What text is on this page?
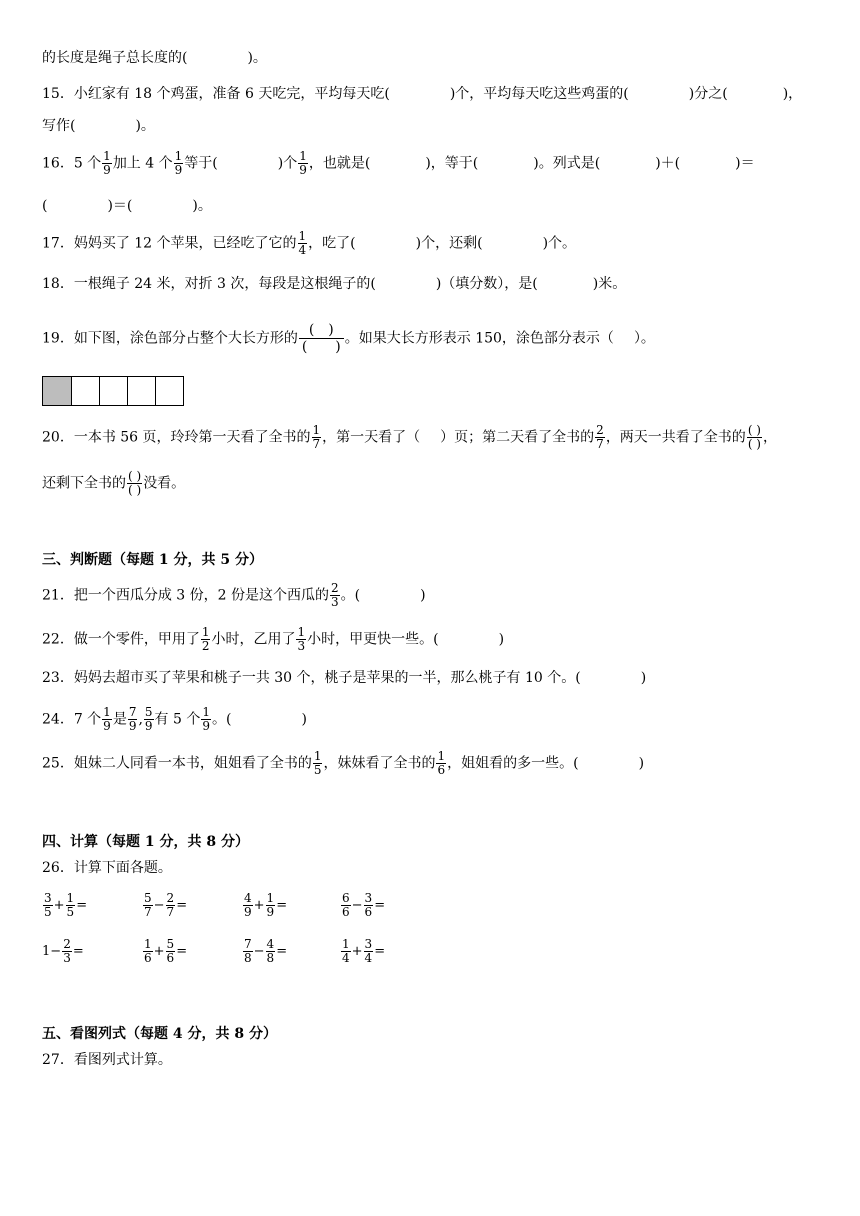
的长度是绳子总长度的(	)。
15．小红家有 18 个鸡蛋，准备 6 天吃完，平均每天吃(	)个，平均每天吃这些鸡蛋的(	)分之(	)，
写作(	)。
16．5 个 $\frac{1}{9}$ 加上 4 个 $\frac{1}{9}$ 等于(	)个 $\frac{1}{9}$ ，也就是(	)，等于(	)。列式是(	)＋(	)＝
(	)＝(	)。
17．妈妈买了 12 个苹果，已经吃了它的 $\frac{1}{4}$ ，吃了(	)个，还剩(	)个。
18．一根绳子 24 米，对折 3 次，每段是这根绳子的(	)（填分数），是(	)米。
19．如下图，涂色部分占整个大长方形的 $\frac{( )}{( )}$ 。如果大长方形表示 150，涂色部分表示（ ）。
20．一本书 56 页，玲玲第一天看了全书的 $\frac{1}{7}$ ，第一天看了（ ）页；第二天看了全书的 $\frac{2}{7}$ ，两天一共看了全书的 $\frac{( )}{( )}$ ，
还剩下全书的 $\frac{( )}{( )}$ 没看。
三、判断题（每题 1 分，共 5 分）
21．把一个西瓜分成 3 份，2 份是这个西瓜的 $\frac{2}{3}$ 。(	)
22．做一个零件，甲用了 $\frac{1}{2}$ 小时，乙用了 $\frac{1}{3}$ 小时，甲更快一些。(	)
23．妈妈去超市买了苹果和桃子一共 30 个，桃子是苹果的一半，那么桃子有 10 个。(	)
24．7 个 $\frac{1}{9}$ 是 $\frac{7}{9}$ , $\frac{5}{9}$ 有 5 个 $\frac{1}{9}$ 。(	)
25．姐妹二人同看一本书，姐姐看了全书的 $\frac{1}{5}$ ，妹妹看了全书的 $\frac{1}{6}$ ，姐姐看的多一些。(	)
四、计算（每题 1 分，共 8 分）
26．计算下面各题。
$\frac{3}{5} + \frac{1}{5}$ =	$\frac{5}{7} - \frac{2}{7}$ =	$\frac{4}{9} + \frac{1}{9}$ =	$\frac{6}{6} - \frac{3}{6}$ =
$1- \frac{2}{3}$ =	$\frac{1}{6} + \frac{5}{6}$ =	$\frac{7}{8} - \frac{4}{8}$ =	$\frac{1}{4} + \frac{3}{4}$ =
五、看图列式（每题 4 分，共 8 分）
27．看图列式计算。
